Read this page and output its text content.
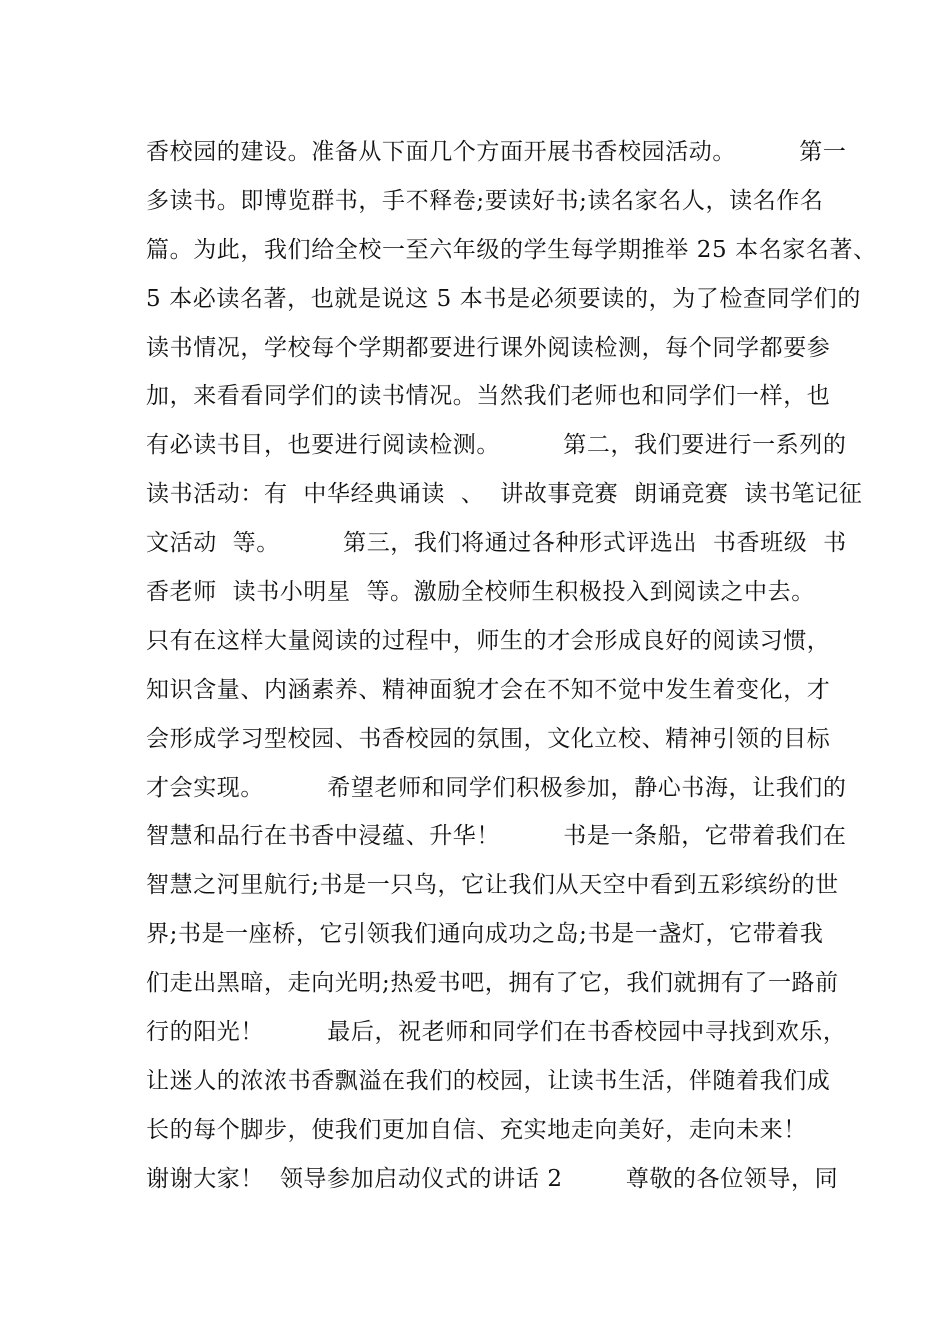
香校园的建设。准备从下面几个方面开展书香校园活动。        第一
多读书。即博览群书，手不释卷;要读好书;读名家名人，读名作名
篇。为此，我们给全校一至六年级的学生每学期推举 25 本名家名著、
5 本必读名著，也就是说这 5 本书是必须要读的，为了检查同学们的
读书情况，学校每个学期都要进行课外阅读检测，每个同学都要参
加，来看看同学们的读书情况。当然我们老师也和同学们一样，也
有必读书目，也要进行阅读检测。        第二，我们要进行一系列的
读书活动：有  中华经典诵读  、  讲故事竞赛  朗诵竞赛  读书笔记征
文活动  等。        第三，我们将通过各种形式评选出  书香班级  书
香老师  读书小明星  等。激励全校师生积极投入到阅读之中去。
只有在这样大量阅读的过程中，师生的才会形成良好的阅读习惯，
知识含量、内涵素养、精神面貌才会在不知不觉中发生着变化，才
会形成学习型校园、书香校园的氛围，文化立校、精神引领的目标
才会实现。        希望老师和同学们积极参加，静心书海，让我们的
智慧和品行在书香中浸蕴、升华！        书是一条船，它带着我们在
智慧之河里航行;书是一只鸟，它让我们从天空中看到五彩缤纷的世
界;书是一座桥，它引领我们通向成功之岛;书是一盏灯，它带着我
们走出黑暗，走向光明;热爱书吧，拥有了它，我们就拥有了一路前
行的阳光！        最后，祝老师和同学们在书香校园中寻找到欢乐，
让迷人的浓浓书香飘溢在我们的校园，让读书生活，伴随着我们成
长的每个脚步，使我们更加自信、充实地走向美好，走向未来！
谢谢大家！  领导参加启动仪式的讲话 2        尊敬的各位领导，同
